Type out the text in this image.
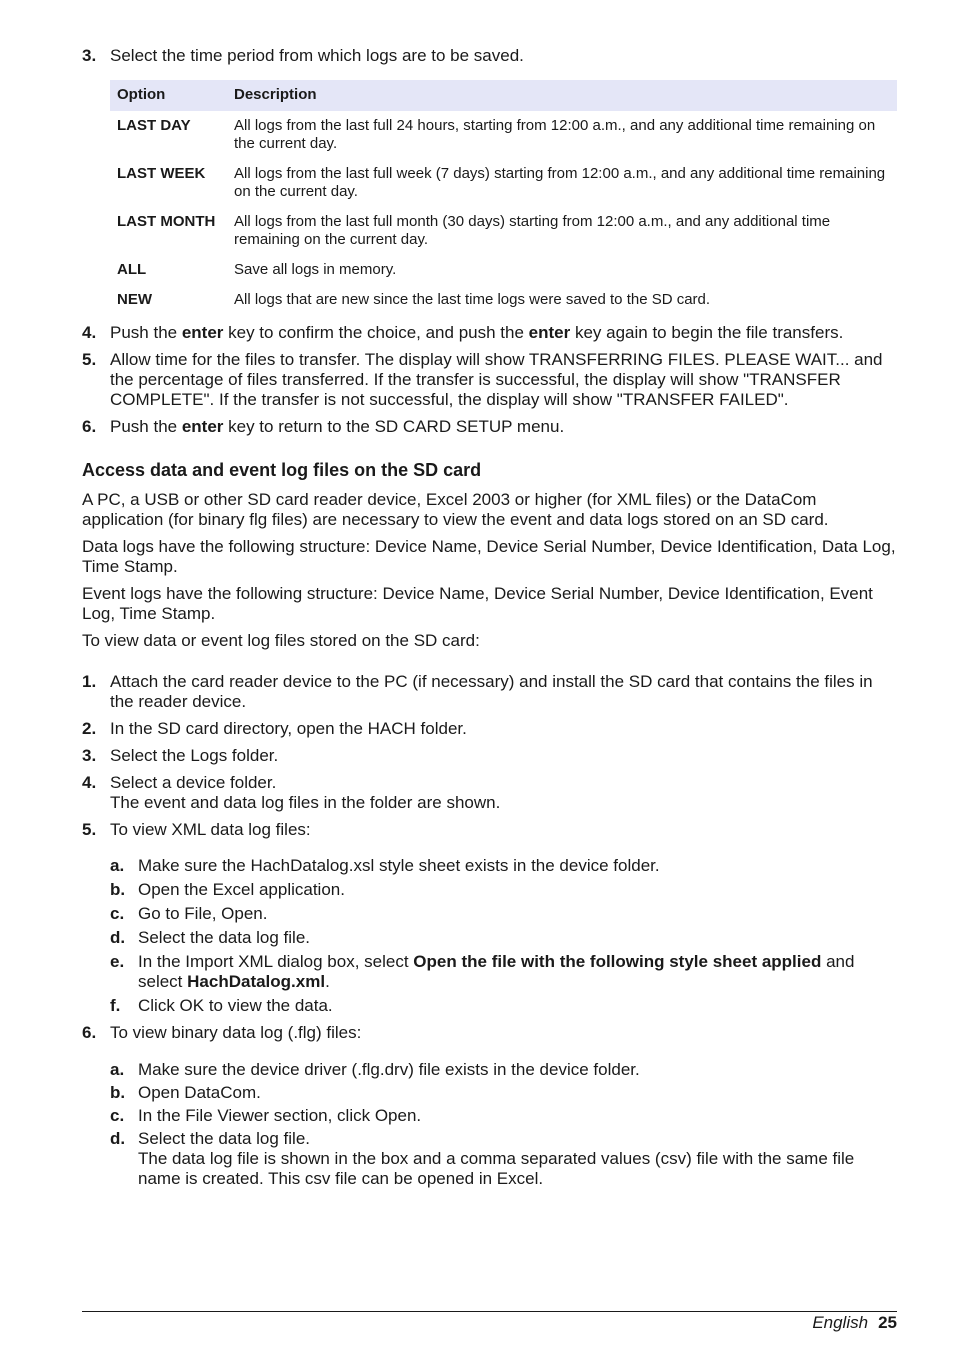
3. Select the time period from which logs are to be saved.
Option	Description
LAST DAY	All logs from the last full 24 hours, starting from 12:00 a.m., and any additional time remaining on the current day.
LAST WEEK	All logs from the last full week (7 days) starting from 12:00 a.m., and any additional time remaining on the current day.
LAST MONTH	All logs from the last full month (30 days) starting from 12:00 a.m., and any additional time remaining on the current day.
ALL	Save all logs in memory.
NEW	All logs that are new since the last time logs were saved to the SD card.
4. Push the enter key to confirm the choice, and push the enter key again to begin the file transfers.
5. Allow time for the files to transfer. The display will show TRANSFERRING FILES. PLEASE WAIT... and the percentage of files transferred. If the transfer is successful, the display will show "TRANSFER COMPLETE". If the transfer is not successful, the display will show "TRANSFER FAILED".
6. Push the enter key to return to the SD CARD SETUP menu.
Access data and event log files on the SD card

A PC, a USB or other SD card reader device, Excel 2003 or higher (for XML files) or the DataCom application (for binary flg files) are necessary to view the event and data logs stored on an SD card.

Data logs have the following structure: Device Name, Device Serial Number, Device Identification, Data Log, Time Stamp.

Event logs have the following structure: Device Name, Device Serial Number, Device Identification, Event Log, Time Stamp.

To view data or event log files stored on the SD card:

1. Attach the card reader device to the PC (if necessary) and install the SD card that contains the files in the reader device.
2. In the SD card directory, open the HACH folder.
3. Select the Logs folder.
4. Select a device folder.
The event and data log files in the folder are shown.
5. To view XML data log files:
a. Make sure the HachDatalog.xsl style sheet exists in the device folder.
b. Open the Excel application.
c. Go to File, Open.
d. Select the data log file.
e. In the Import XML dialog box, select Open the file with the following style sheet applied and select HachDatalog.xml.
f. Click OK to view the data.
6. To view binary data log (.flg) files:
a. Make sure the device driver (.flg.drv) file exists in the device folder.
b. Open DataCom.
c. In the File Viewer section, click Open.
d. Select the data log file.
The data log file is shown in the box and a comma separated values (csv) file with the same file name is created. This csv file can be opened in Excel.
English 25
